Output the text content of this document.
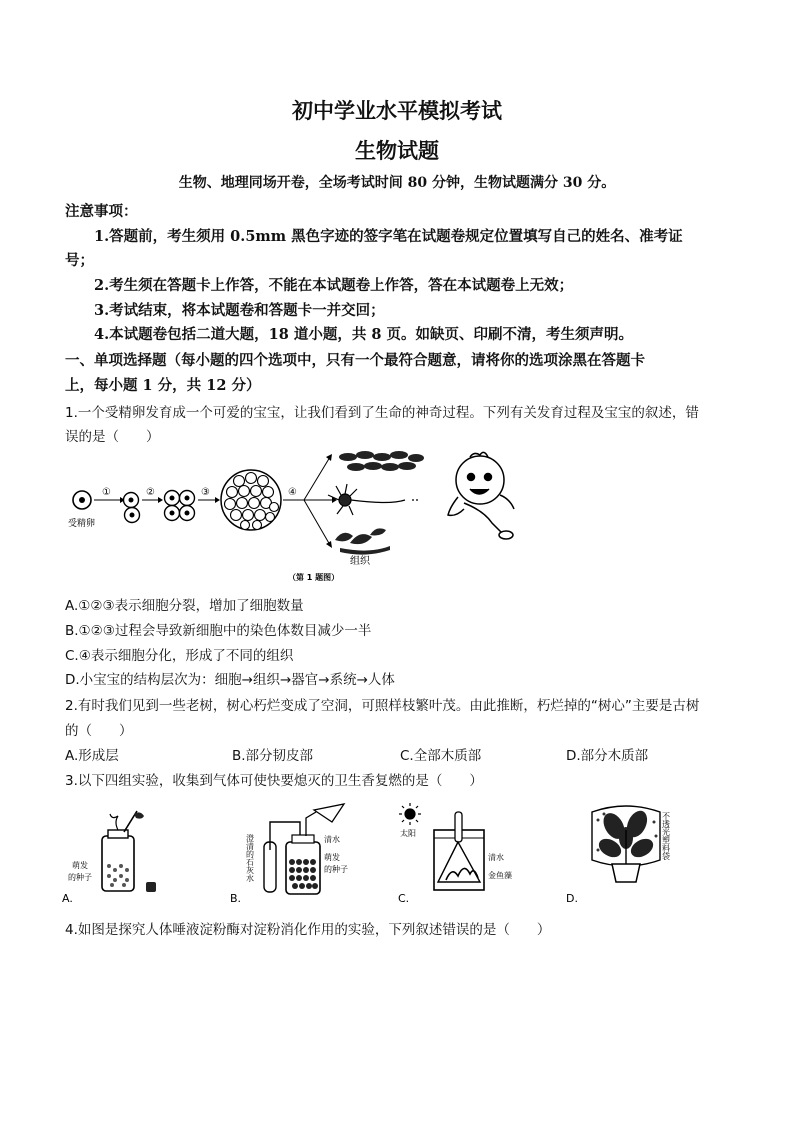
初中学业水平模拟考试
生物试题
生物、地理同场开卷，全场考试时间 80 分钟，生物试题满分 30 分。
注意事项：
1.答题前，考生须用 0.5mm 黑色字迹的签字笔在试题卷规定位置填写自己的姓名、准考证
号；
2.考生须在答题卡上作答，不能在本试题卷上作答，答在本试题卷上无效；
3.考试结束，将本试题卷和答题卡一并交回；
4.本试题卷包括二道大题，18 道小题，共 8 页。如缺页、印刷不清，考生须声明。
一、单项选择题（每小题的四个选项中，只有一个最符合题意，请将你的选项涂黑在答题卡
上，每小题 1 分，共 12 分）
1.一个受精卵发育成一个可爱的宝宝，让我们看到了生命的神奇过程。下列有关发育过程及宝宝的叙述，错
误的是（　　）
受精卵
①	②	③	④
组织
（第 1 题图）
A.①②③表示细胞分裂，增加了细胞数量
B.①②③过程会导致新细胞中的染色体数目减少一半
C.④表示细胞分化，形成了不同的组织
D.小宝宝的结构层次为：细胞→组织→器官→系统→人体
2.有时我们见到一些老树，树心朽烂变成了空洞，可照样枝繁叶茂。由此推断，朽烂掉的“树心”主要是古树
的（　　）
A.形成层	B.部分韧皮部	C.全部木质部	D.部分木质部
3.以下四组实验，收集到气体可使快要熄灭的卫生香复燃的是（　　）
A.
萌发
的种子
B.
澄清的石灰水	清水
萌发
的种子
C.
太阳
清水
金鱼藻
D.
不透光塑料袋
4.如图是探究人体唾液淀粉酶对淀粉消化作用的实验，下列叙述错误的是（　　）
